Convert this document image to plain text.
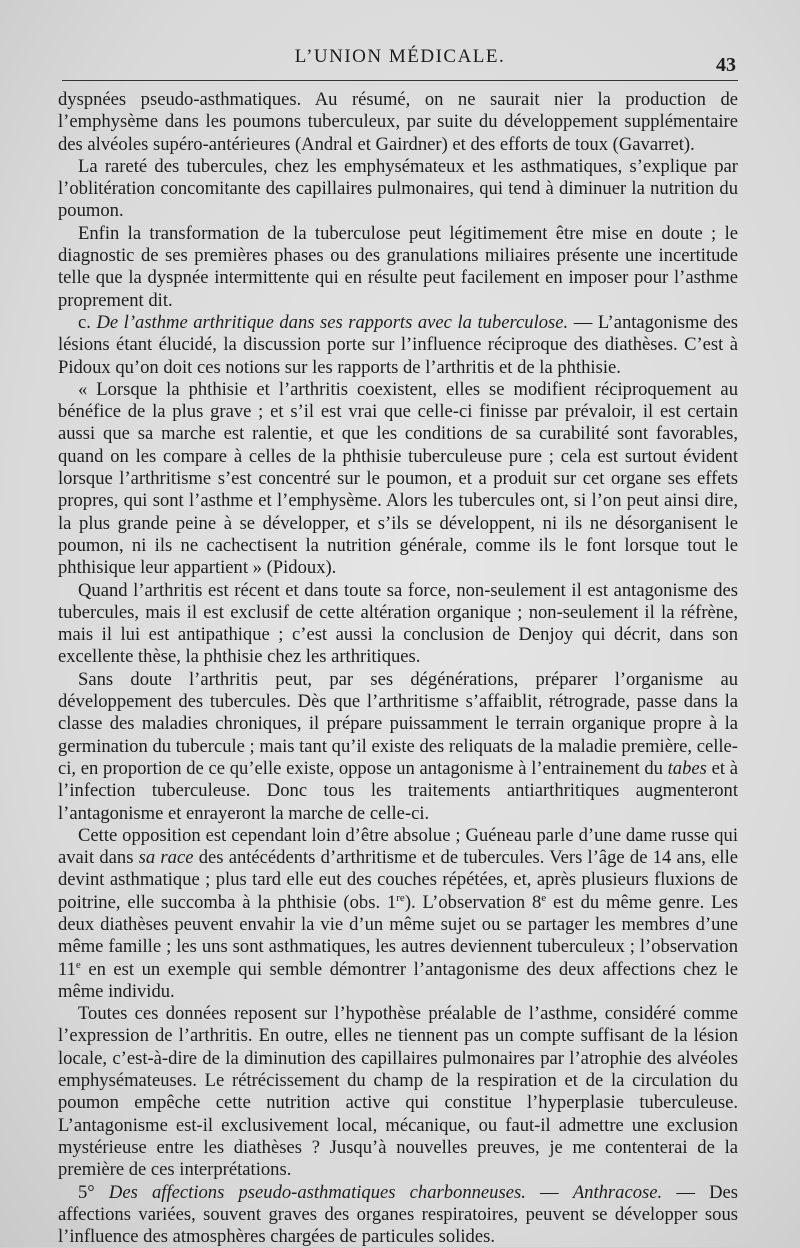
L’UNION MÉDICALE.	43

dyspnées pseudo-asthmatiques. Au résumé, on ne saurait nier la production de l’emphysème dans les poumons tuberculeux, par suite du développement supplémentaire des alvéoles supéro-antérieures (Andral et Gairdner) et des efforts de toux (Gavarret).

La rareté des tubercules, chez les emphysémateux et les asthmatiques, s’explique par l’oblitération concomitante des capillaires pulmonaires, qui tend à diminuer la nutrition du poumon.

Enfin la transformation de la tuberculose peut légitimement être mise en doute ; le diagnostic de ses premières phases ou des granulations miliaires présente une incertitude telle que la dyspnée intermittente qui en résulte peut facilement en imposer pour l’asthme proprement dit.

c. De l’asthme arthritique dans ses rapports avec la tuberculose. — L’antagonisme des lésions étant élucidé, la discussion porte sur l’influence réciproque des diathèses. C’est à Pidoux qu’on doit ces notions sur les rapports de l’arthritis et de la phthisie.

« Lorsque la phthisie et l’arthritis coexistent, elles se modifient réciproquement au bénéfice de la plus grave ; et s’il est vrai que celle-ci finisse par prévaloir, il est certain aussi que sa marche est ralentie, et que les conditions de sa curabilité sont favorables, quand on les compare à celles de la phthisie tuberculeuse pure ; cela est surtout évident lorsque l’arthritisme s’est concentré sur le poumon, et a produit sur cet organe ses effets propres, qui sont l’asthme et l’emphysème. Alors les tubercules ont, si l’on peut ainsi dire, la plus grande peine à se développer, et s’ils se développent, ni ils ne désorganisent le poumon, ni ils ne cachectisent la nutrition générale, comme ils le font lorsque tout le phthisique leur appartient » (Pidoux).

Quand l’arthritis est récent et dans toute sa force, non-seulement il est antagonisme des tubercules, mais il est exclusif de cette altération organique ; non-seulement il la réfrène, mais il lui est antipathique ; c’est aussi la conclusion de Denjoy qui décrit, dans son excellente thèse, la phthisie chez les arthritiques.

Sans doute l’arthritis peut, par ses dégénérations, préparer l’organisme au développement des tubercules. Dès que l’arthritisme s’affaiblit, rétrograde, passe dans la classe des maladies chroniques, il prépare puissamment le terrain organique propre à la germination du tubercule ; mais tant qu’il existe des reliquats de la maladie première, celle-ci, en proportion de ce qu’elle existe, oppose un antagonisme à l’entrainement du tabes et à l’infection tuberculeuse. Donc tous les traitements antiarthritiques augmenteront l’antagonisme et enrayeront la marche de celle-ci.

Cette opposition est cependant loin d’être absolue ; Guéneau parle d’une dame russe qui avait dans sa race des antécédents d’arthritisme et de tubercules. Vers l’âge de 14 ans, elle devint asthmatique ; plus tard elle eut des couches répétées, et, après plusieurs fluxions de poitrine, elle succomba à la phthisie (obs. 1re). L’observation 8e est du même genre. Les deux diathèses peuvent envahir la vie d’un même sujet ou se partager les membres d’une même famille ; les uns sont asthmatiques, les autres deviennent tuberculeux ; l’observation 11e en est un exemple qui semble démontrer l’antagonisme des deux affections chez le même individu.

Toutes ces données reposent sur l’hypothèse préalable de l’asthme, considéré comme l’expression de l’arthritis. En outre, elles ne tiennent pas un compte suffisant de la lésion locale, c’est-à-dire de la diminution des capillaires pulmonaires par l’atrophie des alvéoles emphysémateuses. Le rétrécissement du champ de la respiration et de la circulation du poumon empêche cette nutrition active qui constitue l’hyperplasie tuberculeuse. L’antagonisme est-il exclusivement local, mécanique, ou faut-il admettre une exclusion mystérieuse entre les diathèses ? Jusqu’à nouvelles preuves, je me contenterai de la première de ces interprétations.

5° Des affections pseudo-asthmatiques charbonneuses. — Anthracose. — Des affections variées, souvent graves des organes respiratoires, peuvent se développer sous l’influence des atmosphères chargées de particules solides.
